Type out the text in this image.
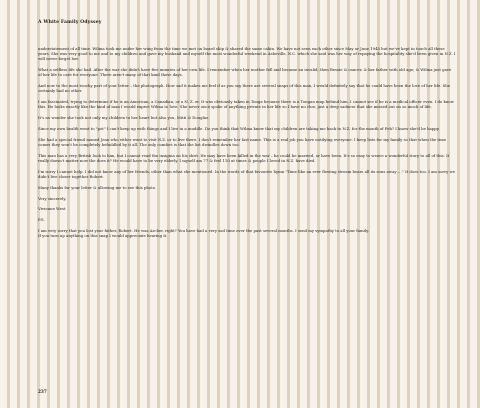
A White Family Odyssey

understatement of all time. Wilma took me under her wing from the time we met on board ship & shared the same cabin. We have not seen each other since May or June 1945 but we've kept in touch all these years. She was very good to me and to my children and gave my husband and myself the most wonderful weekend in Asheville, N.C. which she said was her way of repaying the hospitality she'd been given in N.Z. I will never forget her.

What a selfless life she had. After the war she didn't have five minutes of her own life. I remember when her mother fell and became an invalid, then Bessie & cancer, & her father with old age; & Wilma just gave of her life to care for everyone. There aren't many of that kind these days.

And now to the most touchy part of your letter – the photograph. How sad it makes me feel if as you say there are several snaps of this man, I would definitely say that he could have been the love of her life. She certainly had no other.

I am fascinated, trying to determine if he is an American, a Canadian, or a N. Z. er. It was obviously taken in Tonga because there is a Tongan map behind him. I cannot see if he is a medical officer even. I do know this. He looks exactly like the kind of man I would expect Wilma to love. She never once spoke of anything private in her life so I have no clue, just a deep sadness that she missed out on so much of life.

It's no wonder she took not only my children to her heart but also you, Mitti & Douglas.

Since my own health went to "pot" I can't keep up with things and I live in a muddle. Do you think that Wilma knew that my children are taking me back to N.Z. for the month of Feb? I know she'd be happy.

She had a special friend named Jean who either went to visit N.Z. or to live there. I don't remember her last name. This is a real job you have notifying everyone. I keep lists for my family so that when the time comes they won't be completely befuddled by it all. The only comfort is that the list dwindles down too.

This man has a very British look to him, but I cannot read the insignia on his shirt. He may have been killed in the war – he could be married, or have been. It's so easy to weave a wonderful story to all of this. It really doesn't matter now the does it? He would have to be very elderly. I myself am 77 & feel 110 at times & people I loved in N.Z. have died.

I'm sorry I cannot help. I did not know any of her friends, other than what she mentioned. In the words of that favourite hymn "Time like an ever flowing stream bears all its sons away – ." It does too. I am sorry we didn't live closer together Robert.

Many thanks for your letter & allowing me to see this photo.

Very sincerely,

Vivienne West

P.S.

I am very sorry that you lost your father, Robert. He was Archer, right? You have had a very sad time over the past several months. I send my sympathy to all your family.
If you turn up anything on this snap I would appreciate hearing it.

237
